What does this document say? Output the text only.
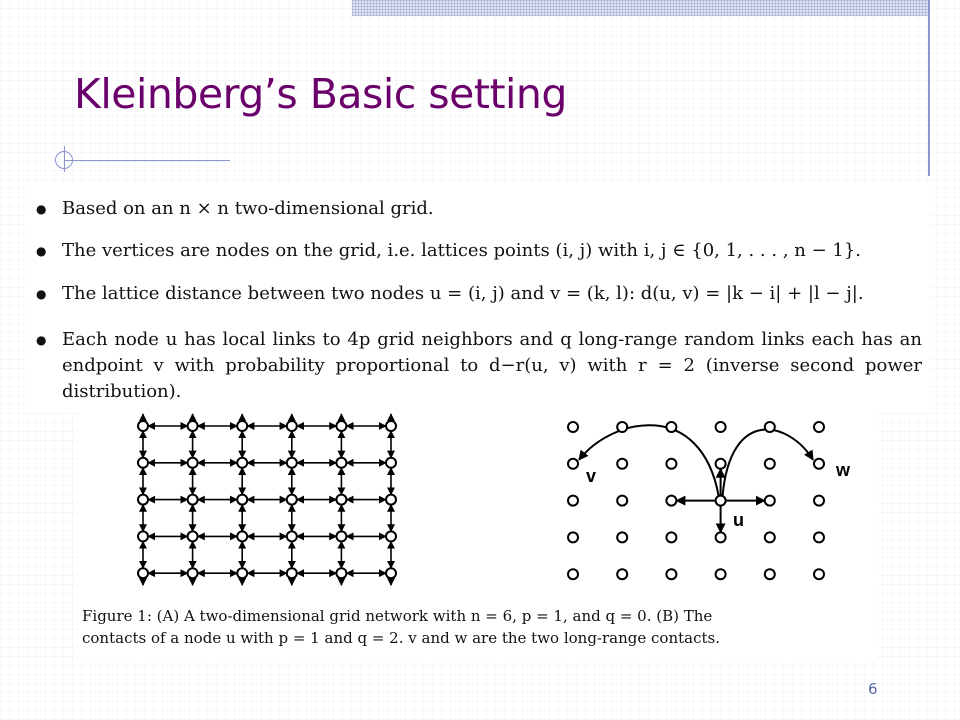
Kleinberg’s Basic setting
● Based on an n × n two-dimensional grid.
● The vertices are nodes on the grid, i.e. lattices points (i, j) with i, j ∈ {0, 1, . . . , n − 1}.
● The lattice distance between two nodes u = (i, j) and v = (k, l): d(u, v) = |k − i| + |l − j|.
● Each node u has local links to 4p grid neighbors and q long-range random links each has an endpoint v with probability proportional to d−r(u, v) with r = 2 (inverse second power distribution).
v	w
u
Figure 1: (A) A two-dimensional grid network with n = 6, p = 1, and q = 0. (B) The
contacts of a node u with p = 1 and q = 2. v and w are the two long-range contacts.
6
